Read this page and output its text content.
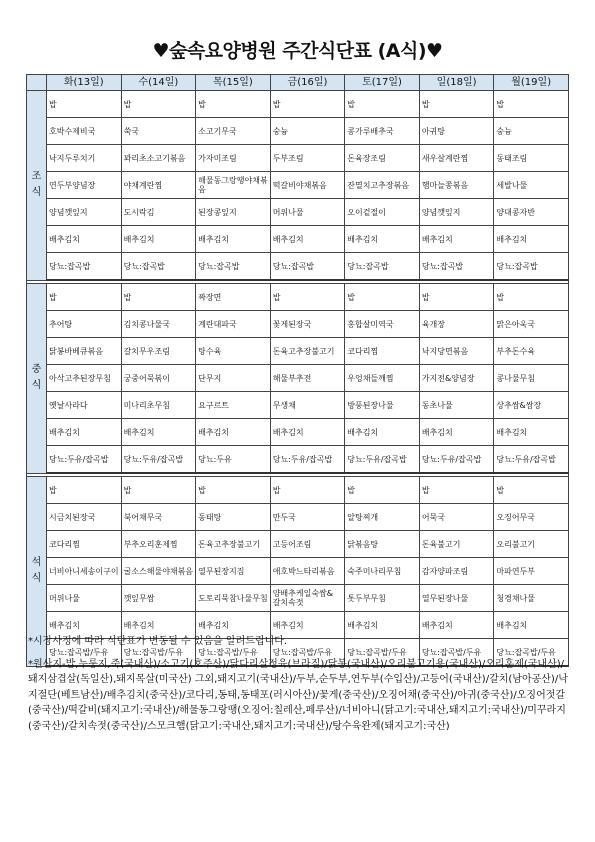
♥숲속요양병원 주간식단표 (A식)♥
	화(13일)	수(14일)	목(15일)	금(16일)	토(17일)	일(18일)	월(19일)

조
식	밥	밥	밥	밥	밥	밥	밥
	호박수제비국	쑥국	소고기무국	숭늉	콩가루배추국	아귀탕	숭늉
	낙지두루치기	꽈리초소고기볶음	가자미조림	두부조림	돈육장조림	새우살계란찜	동태조림
	연두부양념장	야채계란찜	해물동그랑땡야채볶음	떡갈비야채볶음	잔멸치고추장볶음	햄마늘쫑볶음	세발나물
	양념깻잎지	도시락김	된장콩잎지	머위나물	오이겉절이	양념깻잎지	양대콩자반
	배추김치	배추김치	배추김치	배추김치	배추김치	배추김치	배추김치
	당뇨:잡곡밥	당뇨:잡곡밥	당뇨:잡곡밥	당뇨:잡곡밥	당뇨:잡곡밥	당뇨:잡곡밥	당뇨:잡곡밥

중
식	밥	밥	짜장면	밥	밥	밥	밥
	추어탕	김치콩나물국	계란대파국	꽃게된장국	홍합살미역국	육개장	맑은아욱국
	닭봉바베큐볶음	갈치무우조림	탕수육	돈육고추장불고기	코다리찜	낙지당면볶음	부추돈수육
	아삭고추된장무침	궁중어묵볶이	단무지	해물부추전	우엉채들깨찜	가지전&양념장	콩나물무침
	옛날사라다	미나리초무침	요구르트	무생채	방풍된장나물	동초나물	상추쌈&쌈장
	배추김치	배추김치	배추김치	배추김치	배추김치	배추김치	배추김치
	당뇨:두유/잡곡밥	당뇨:두유/잡곡밥	당뇨:두유	당뇨:두유/잡곡밥	당뇨:두유/잡곡밥	당뇨:두유/잡곡밥	당뇨:두유/잡곡밥

석
식	밥	밥	밥	밥	밥	밥	밥
	시금치된장국	북어채무국	동태탕	만두국	알탕찌개	어묵국	오징어무국
	코다리찜	부추오리훈제찜	돈육고추장불고기	고등어조림	닭볶음탕	돈육불고기	오리불고기
	너비아니세송이구이	굴소스해물야채볶음	열무된장지짐	애호박느타리볶음	숙주미나리무침	감자양파조림	마파연두부
	머위나물	깻잎무쌈	도토리묵참나물무침	양배추케일숙쌈&갈치속젓	톳두부무침	열무된장나물	청경채나물
	배추김치	배추김치	배추김치	배추김치	배추김치	배추김치	배추김치
	당뇨:잡곡밥/두유	당뇨:잡곡밥/두유	당뇨:잡곡밥/두유	당뇨:잡곡밥/두유	당뇨:잡곡밥/두유	당뇨:잡곡밥/두유	당뇨:잡곡밥/두유

*시장사정에 따라 식단표가 변동될 수 있음을 알려드립니다.

*원산지-밥,누룽지,죽(국내산)/소고기(호주산)/닭다리살정육(브라질)/닭봉(국내산)/오리불고기용(국내산)/오리훈제(국내산)/돼지삼겹살(독일산),돼지목살(미국산) 그외,돼지고기(국내산)/두부,순두부,연두부(수입산)/고등어(국내산)/갈치(남아공산)/낙지절단(베트남산)/배추김치(중국산)/코다리,동태,동태포(러시아산)/꽃게(중국산)/오징어채(중국산)/아귀(중국산)/오징어젓갈(중국산)/떡갈비(돼지고기:국내산)/해물동그랑땡(오징어:칠레산,페루산)/너비아니(닭고기:국내산,돼지고기:국내산)/미꾸라지(중국산)/갈치속젓(중국산)/스모크햄(닭고기:국내산,돼지고기:국내산)/탕수육완제(돼지고기:국산)
